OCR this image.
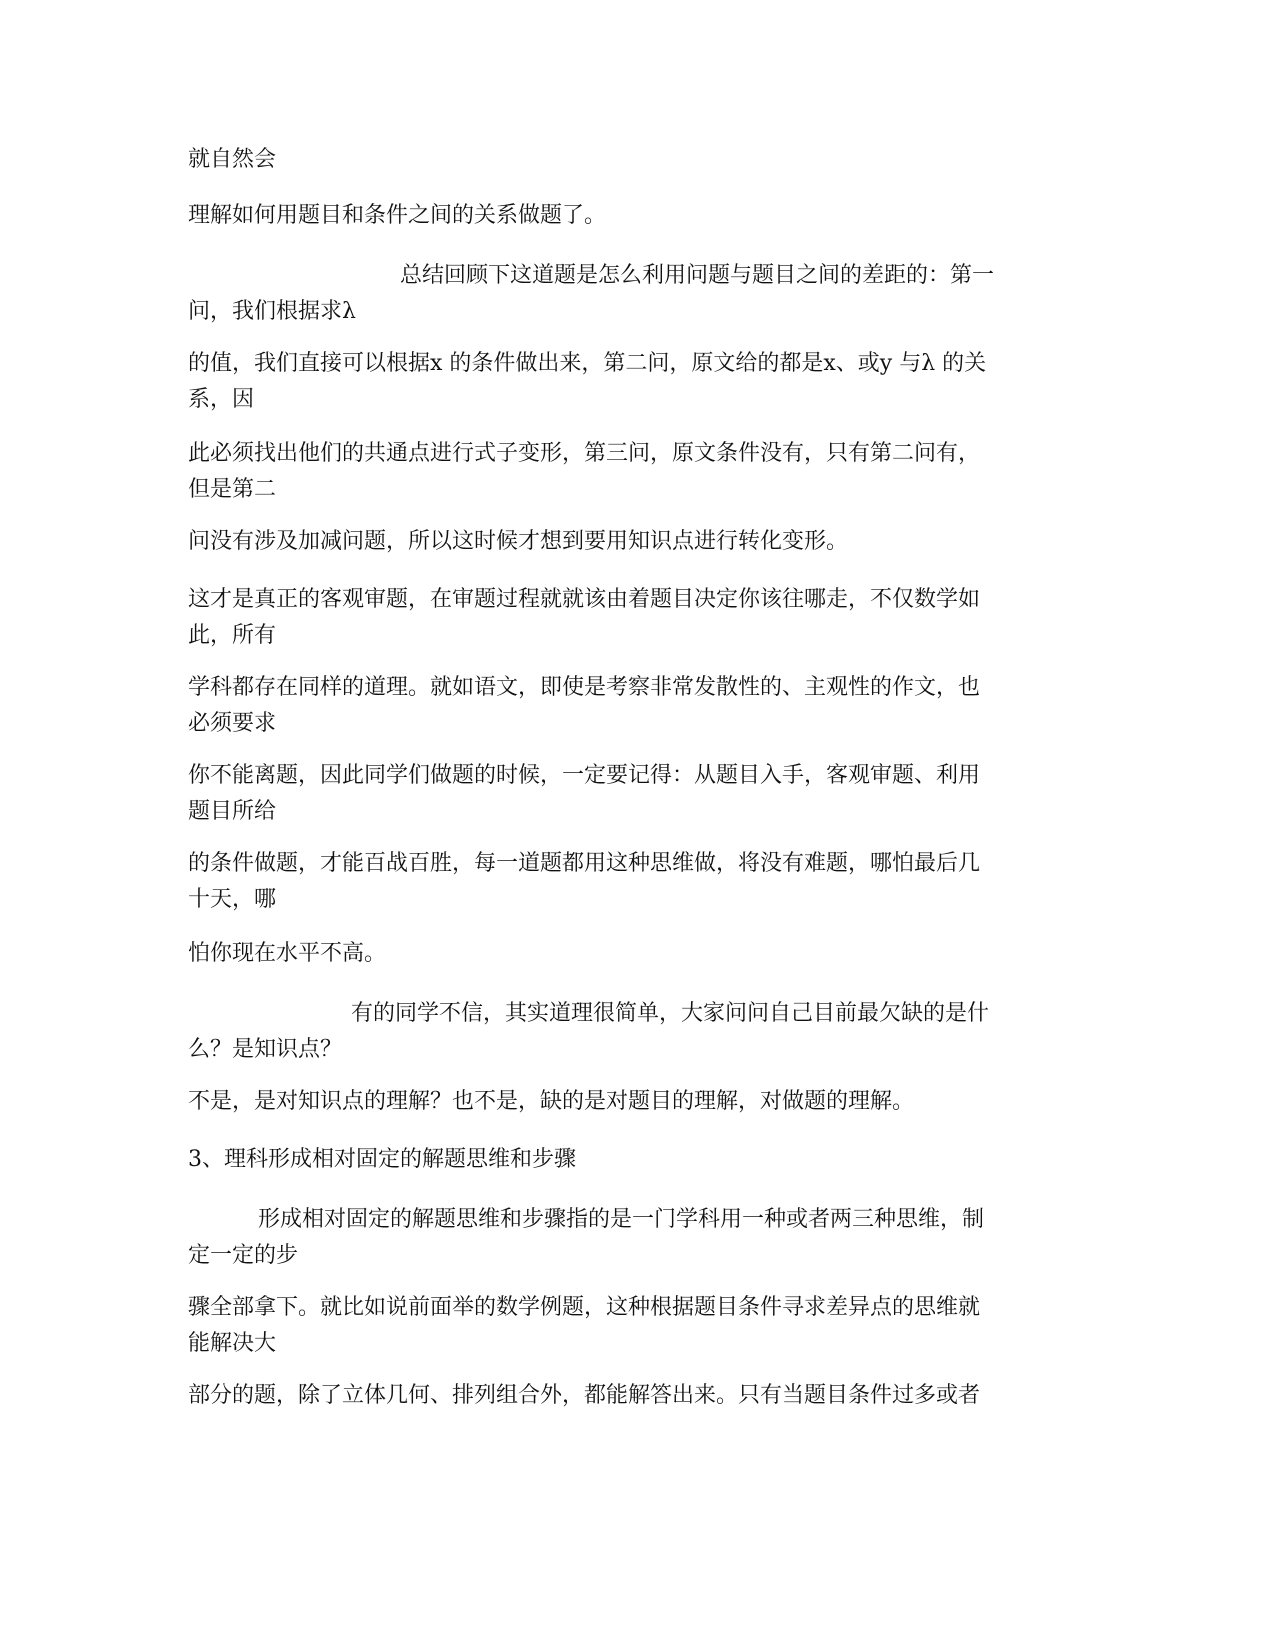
就自然会

理解如何用题目和条件之间的关系做题了。

总结回顾下这道题是怎么利用问题与题目之间的差距的：第一
问，我们根据求λ

的值，我们直接可以根据x 的条件做出来，第二问，原文给的都是x、或y 与λ 的关
系，因

此必须找出他们的共通点进行式子变形，第三问，原文条件没有，只有第二问有，
但是第二

问没有涉及加减问题，所以这时候才想到要用知识点进行转化变形。

这才是真正的客观审题，在审题过程就就该由着题目决定你该往哪走，不仅数学如
此，所有

学科都存在同样的道理。就如语文，即使是考察非常发散性的、主观性的作文，也
必须要求

你不能离题，因此同学们做题的时候，一定要记得：从题目入手，客观审题、利用
题目所给

的条件做题，才能百战百胜，每一道题都用这种思维做，将没有难题，哪怕最后几
十天，哪

怕你现在水平不高。

有的同学不信，其实道理很简单，大家问问自己目前最欠缺的是什
么？是知识点？

不是，是对知识点的理解？也不是，缺的是对题目的理解，对做题的理解。

3、理科形成相对固定的解题思维和步骤

形成相对固定的解题思维和步骤指的是一门学科用一种或者两三种思维，制
定一定的步

骤全部拿下。就比如说前面举的数学例题，这种根据题目条件寻求差异点的思维就
能解决大

部分的题，除了立体几何、排列组合外，都能解答出来。只有当题目条件过多或者
